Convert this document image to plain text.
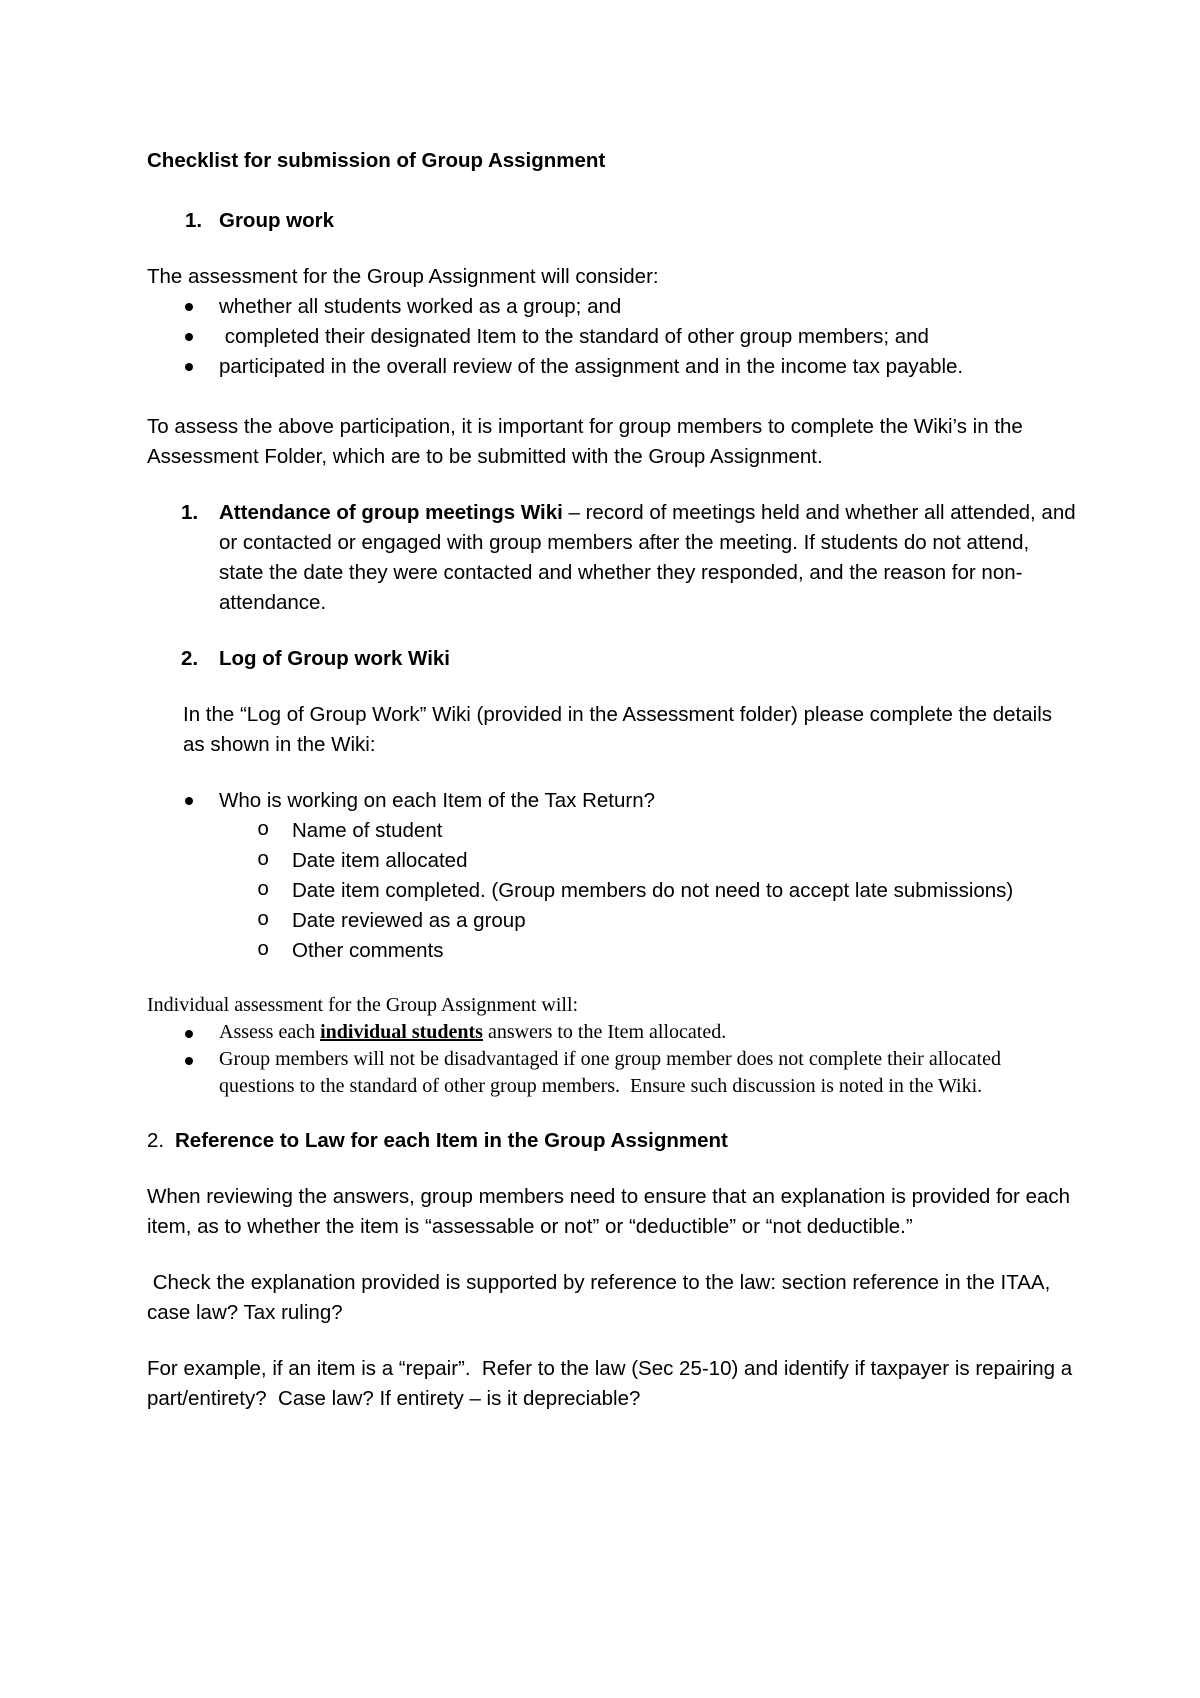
Checklist for submission of Group Assignment

1. Group work

The assessment for the Group Assignment will consider:

whether all students worked as a group; and
completed their designated Item to the standard of other group members; and
participated in the overall review of the assignment and in the income tax payable.

To assess the above participation, it is important for group members to complete the Wiki’s in the Assessment Folder, which are to be submitted with the Group Assignment.

1. Attendance of group meetings Wiki – record of meetings held and whether all attended, and or contacted or engaged with group members after the meeting. If students do not attend, state the date they were contacted and whether they responded, and the reason for non-attendance.
2. Log of Group work Wiki

In the “Log of Group Work” Wiki (provided in the Assessment folder) please complete the details as shown in the Wiki:

Who is working on each Item of the Tax Return?
o Name of student
o Date item allocated
o Date item completed. (Group members do not need to accept late submissions)
o Date reviewed as a group
o Other comments

Individual assessment for the Group Assignment will:

Assess each individual students answers to the Item allocated.
Group members will not be disadvantaged if one group member does not complete their allocated questions to the standard of other group members.  Ensure such discussion is noted in the Wiki.
2. Reference to Law for each Item in the Group Assignment

When reviewing the answers, group members need to ensure that an explanation is provided for each item, as to whether the item is “assessable or not” or “deductible” or “not deductible.”

Check the explanation provided is supported by reference to the law: section reference in the ITAA, case law? Tax ruling?

For example, if an item is a “repair”.  Refer to the law (Sec 25-10) and identify if taxpayer is repairing a part/entirety?  Case law? If entirety – is it depreciable?
